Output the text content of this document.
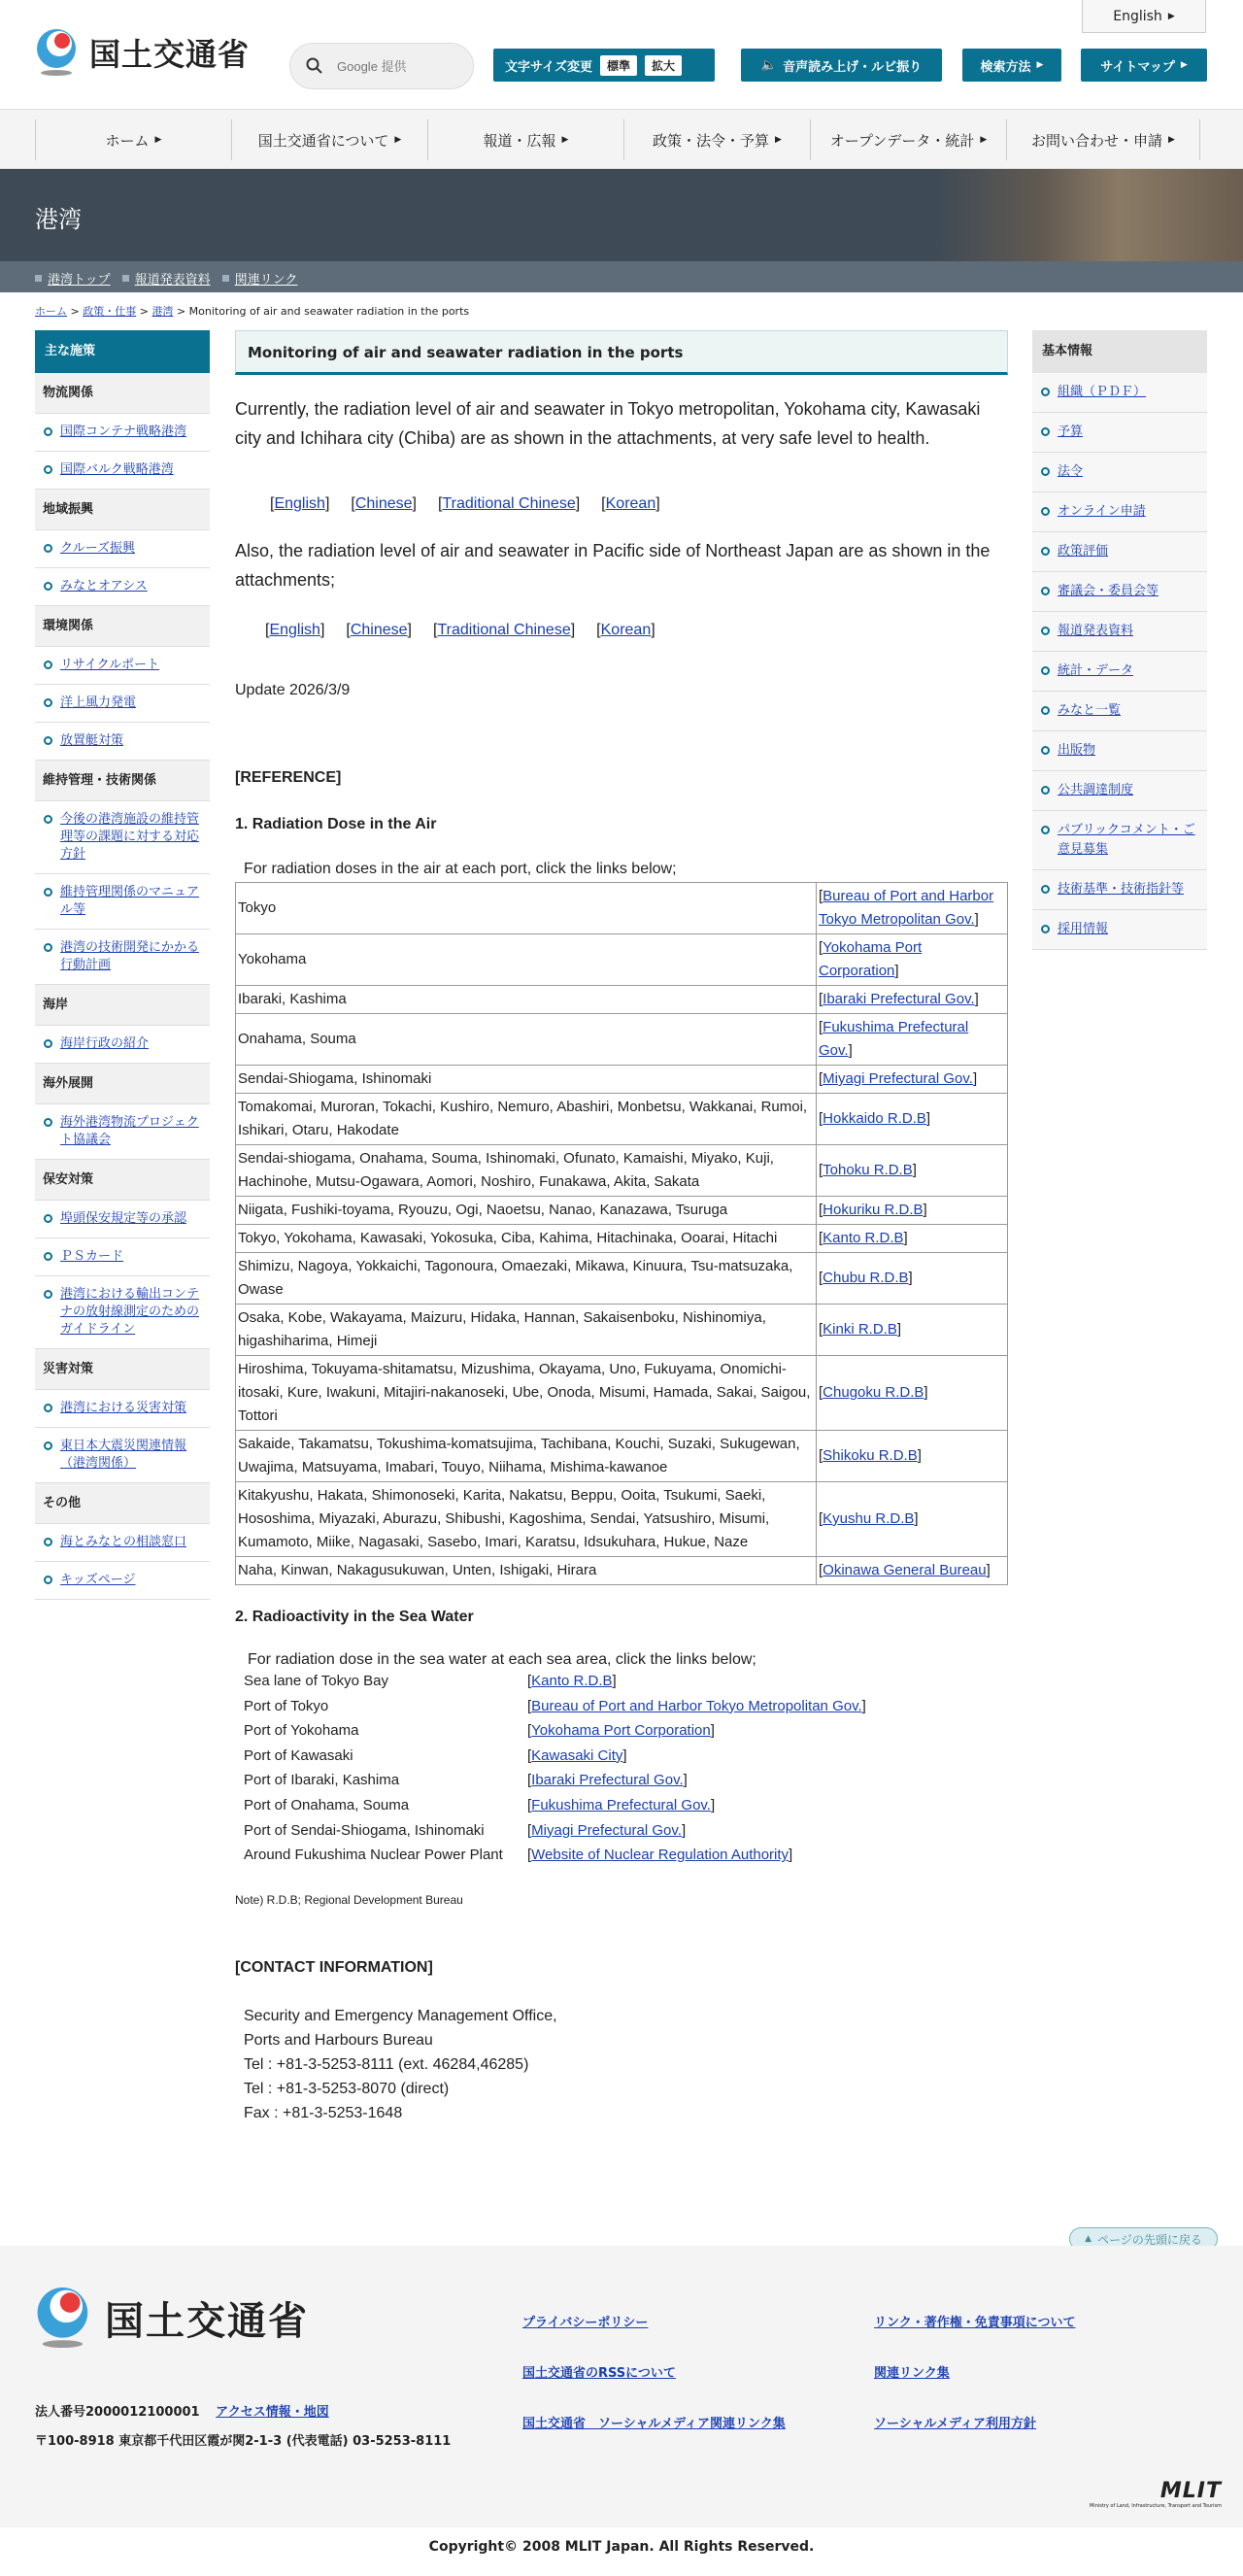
国土交通省
Google 提供
English ▶
文字サイズ変更	標準	拡大	🔈 音声読み上げ・ルビ振り	検索方法 ▶	サイトマップ ▶
ホーム ▶	国土交通省について ▶	報道・広報 ▶	政策・法令・予算 ▶	オープンデータ・統計 ▶	お問い合わせ・申請 ▶
港湾
港湾トップ 報道発表資料 関連リンク
ホーム > 政策・仕事 > 港湾 > Monitoring of air and seawater radiation in the ports
主な施策
物流関係
国際コンテナ戦略港湾
国際バルク戦略港湾
地域振興
クルーズ振興
みなとオアシス
環境関係
リサイクルポート
洋上風力発電
放置艇対策
維持管理・技術関係
今後の港湾施設の維持管理等の課題に対する対応方針
維持管理関係のマニュアル等
港湾の技術開発にかかる行動計画
海岸
海岸行政の紹介
海外展開
海外港湾物流プロジェクト協議会
保安対策
埠頭保安規定等の承認
ＰＳカード
港湾における輸出コンテナの放射線測定のためのガイドライン
災害対策
港湾における災害対策
東日本大震災関連情報（港湾関係）
その他
海とみなとの相談窓口
キッズページ
基本情報
組織（ＰＤＦ）
予算
法令
オンライン申請
政策評価
審議会・委員会等
報道発表資料
統計・データ
みなと一覧
出版物
公共調達制度
パブリックコメント・ご意見募集
技術基準・技術指針等
採用情報
Monitoring of air and seawater radiation in the ports

Currently, the radiation level of air and seawater in Tokyo metropolitan, Yokohama city, Kawasaki city and Ichihara city (Chiba) are as shown in the attachments, at very safe level to health.

[English] [Chinese] [Traditional Chinese] [Korean]

Also, the radiation level of air and seawater in Pacific side of Northeast Japan are as shown in the attachments;

[English] [Chinese] [Traditional Chinese] [Korean]

Update 2026/3/9

[REFERENCE]

1. Radiation Dose in the Air

For radiation doses in the air at each port, click the links below;

Tokyo	[Bureau of Port and Harbor Tokyo Metropolitan Gov.]
Yokohama	[Yokohama Port Corporation]
Ibaraki, Kashima	[Ibaraki Prefectural Gov.]
Onahama, Souma	[Fukushima Prefectural Gov.]
Sendai-Shiogama, Ishinomaki	[Miyagi Prefectural Gov.]
Tomakomai, Muroran, Tokachi, Kushiro, Nemuro, Abashiri, Monbetsu, Wakkanai, Rumoi, Ishikari, Otaru, Hakodate	[Hokkaido R.D.B]
Sendai-shiogama, Onahama, Souma, Ishinomaki, Ofunato, Kamaishi, Miyako, Kuji, Hachinohe, Mutsu-Ogawara, Aomori, Noshiro, Funakawa, Akita, Sakata	[Tohoku R.D.B]
Niigata, Fushiki-toyama, Ryouzu, Ogi, Naoetsu, Nanao, Kanazawa, Tsuruga	[Hokuriku R.D.B]
Tokyo, Yokohama, Kawasaki, Yokosuka, Ciba, Kahima, Hitachinaka, Ooarai, Hitachi	[Kanto R.D.B]
Shimizu, Nagoya, Yokkaichi, Tagonoura, Omaezaki, Mikawa, Kinuura, Tsu-matsuzaka, Owase	[Chubu R.D.B]
Osaka, Kobe, Wakayama, Maizuru, Hidaka, Hannan, Sakaisenboku, Nishinomiya, higashiharima, Himeji	[Kinki R.D.B]
Hiroshima, Tokuyama-shitamatsu, Mizushima, Okayama, Uno, Fukuyama, Onomichi-itosaki, Kure, Iwakuni, Mitajiri-nakanoseki, Ube, Onoda, Misumi, Hamada, Sakai, Saigou, Tottori	[Chugoku R.D.B]
Sakaide, Takamatsu, Tokushima-komatsujima, Tachibana, Kouchi, Suzaki, Sukugewan, Uwajima, Matsuyama, Imabari, Touyo, Niihama, Mishima-kawanoe	[Shikoku R.D.B]
Kitakyushu, Hakata, Shimonoseki, Karita, Nakatsu, Beppu, Ooita, Tsukumi, Saeki, Hososhima, Miyazaki, Aburazu, Shibushi, Kagoshima, Sendai, Yatsushiro, Misumi, Kumamoto, Miike, Nagasaki, Sasebo, Imari, Karatsu, Idsukuhara, Hukue, Naze	[Kyushu R.D.B]
Naha, Kinwan, Nakagusukuwan, Unten, Ishigaki, Hirara	[Okinawa General Bureau]

2. Radioactivity in the Sea Water

For radiation dose in the sea water at each sea area, click the links below;

Sea lane of Tokyo Bay	[Kanto R.D.B]
Port of Tokyo	[Bureau of Port and Harbor Tokyo Metropolitan Gov.]
Port of Yokohama	[Yokohama Port Corporation]
Port of Kawasaki	[Kawasaki City]
Port of Ibaraki, Kashima	[Ibaraki Prefectural Gov.]
Port of Onahama, Souma	[Fukushima Prefectural Gov.]
Port of Sendai-Shiogama, Ishinomaki	[Miyagi Prefectural Gov.]
Around Fukushima Nuclear Power Plant	[Website of Nuclear Regulation Authority]

Note) R.D.B; Regional Development Bureau

[CONTACT INFORMATION]

Security and Emergency Management Office,
Ports and Harbours Bureau
Tel : +81-3-5253-8111 (ext. 46284,46285)
Tel : +81-3-5253-8070 (direct)
Fax : +81-3-5253-1648
▲ ページの先頭に戻る
国土交通省
法人番号2000012100001 アクセス情報・地図
〒100-8918 東京都千代田区霞が関2-1-3 (代表電話) 03-5253-8111
プライバシーポリシー	リンク・著作権・免責事項について
国土交通省のRSSについて	関連リンク集
国土交通省　ソーシャルメディア関連リンク集	ソーシャルメディア利用方針
MLIT
Ministry of Land, Infrastructure, Transport and Tourism
Copyright© 2008 MLIT Japan. All Rights Reserved.
